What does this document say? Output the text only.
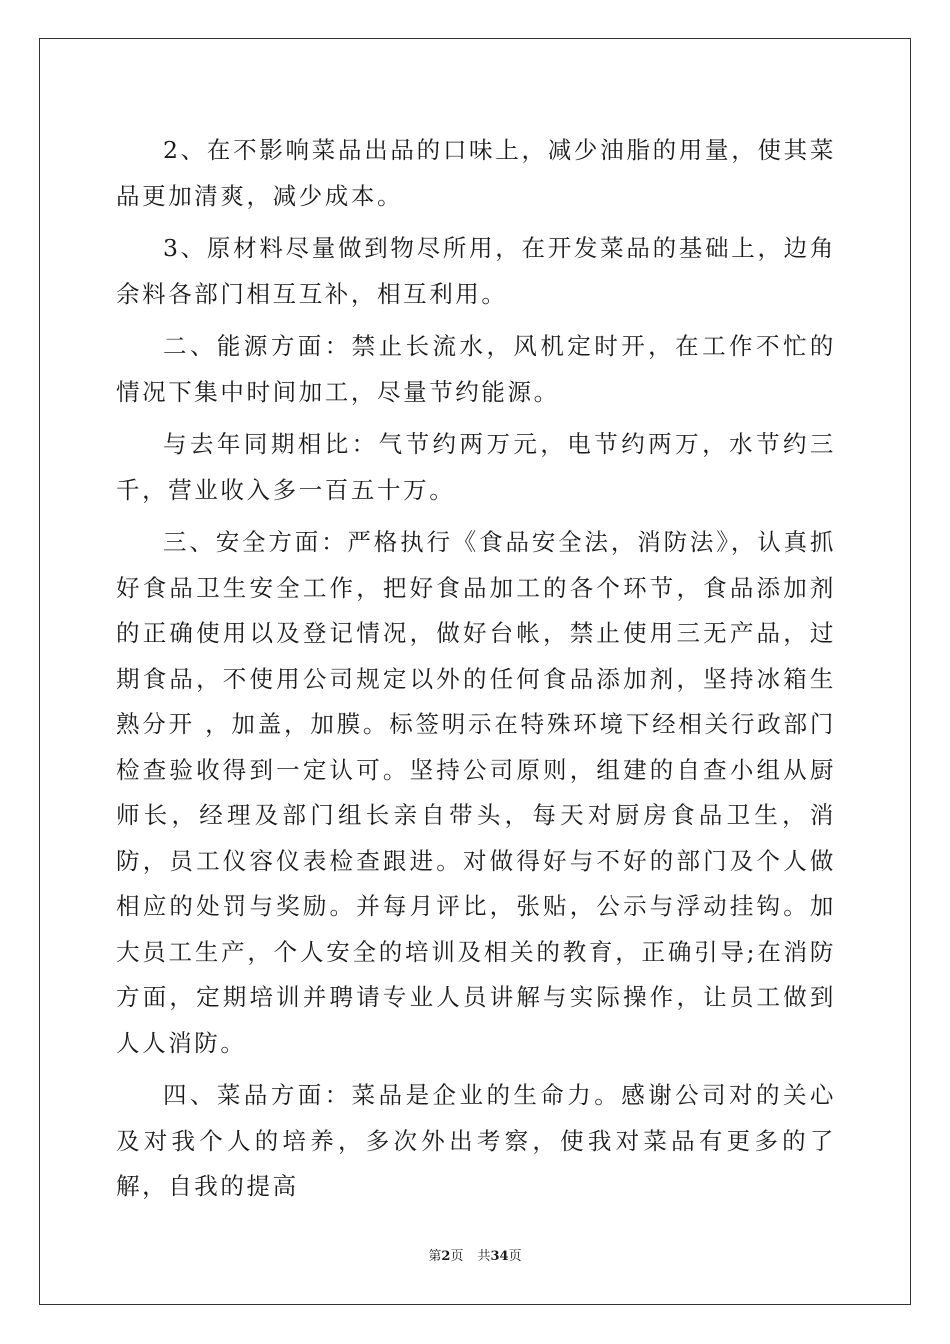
2、在不影响菜品出品的口味上，减少油脂的用量，使其菜品更加清爽，减少成本。

3、原材料尽量做到物尽所用，在开发菜品的基础上，边角余料各部门相互互补，相互利用。

二、能源方面：禁止长流水，风机定时开，在工作不忙的情况下集中时间加工，尽量节约能源。

与去年同期相比：气节约两万元，电节约两万，水节约三千，营业收入多一百五十万。

三、安全方面：严格执行《食品安全法，消防法》，认真抓好食品卫生安全工作，把好食品加工的各个环节，食品添加剂的正确使用以及登记情况，做好台帐，禁止使用三无产品，过期食品，不使用公司规定以外的任何食品添加剂，坚持冰箱生熟分开 ，加盖，加膜。标签明示在特殊环境下经相关行政部门检查验收得到一定认可。坚持公司原则，组建的自查小组从厨师长，经理及部门组长亲自带头，每天对厨房食品卫生，消防，员工仪容仪表检查跟进。对做得好与不好的部门及个人做相应的处罚与奖励。并每月评比，张贴，公示与浮动挂钩。加大员工生产，个人安全的培训及相关的教育，正确引导;在消防方面，定期培训并聘请专业人员讲解与实际操作，让员工做到人人消防。

四、菜品方面：菜品是企业的生命力。感谢公司对的关心及对我个人的培养，多次外出考察，使我对菜品有更多的了解，自我的提高

第2页 共34页
